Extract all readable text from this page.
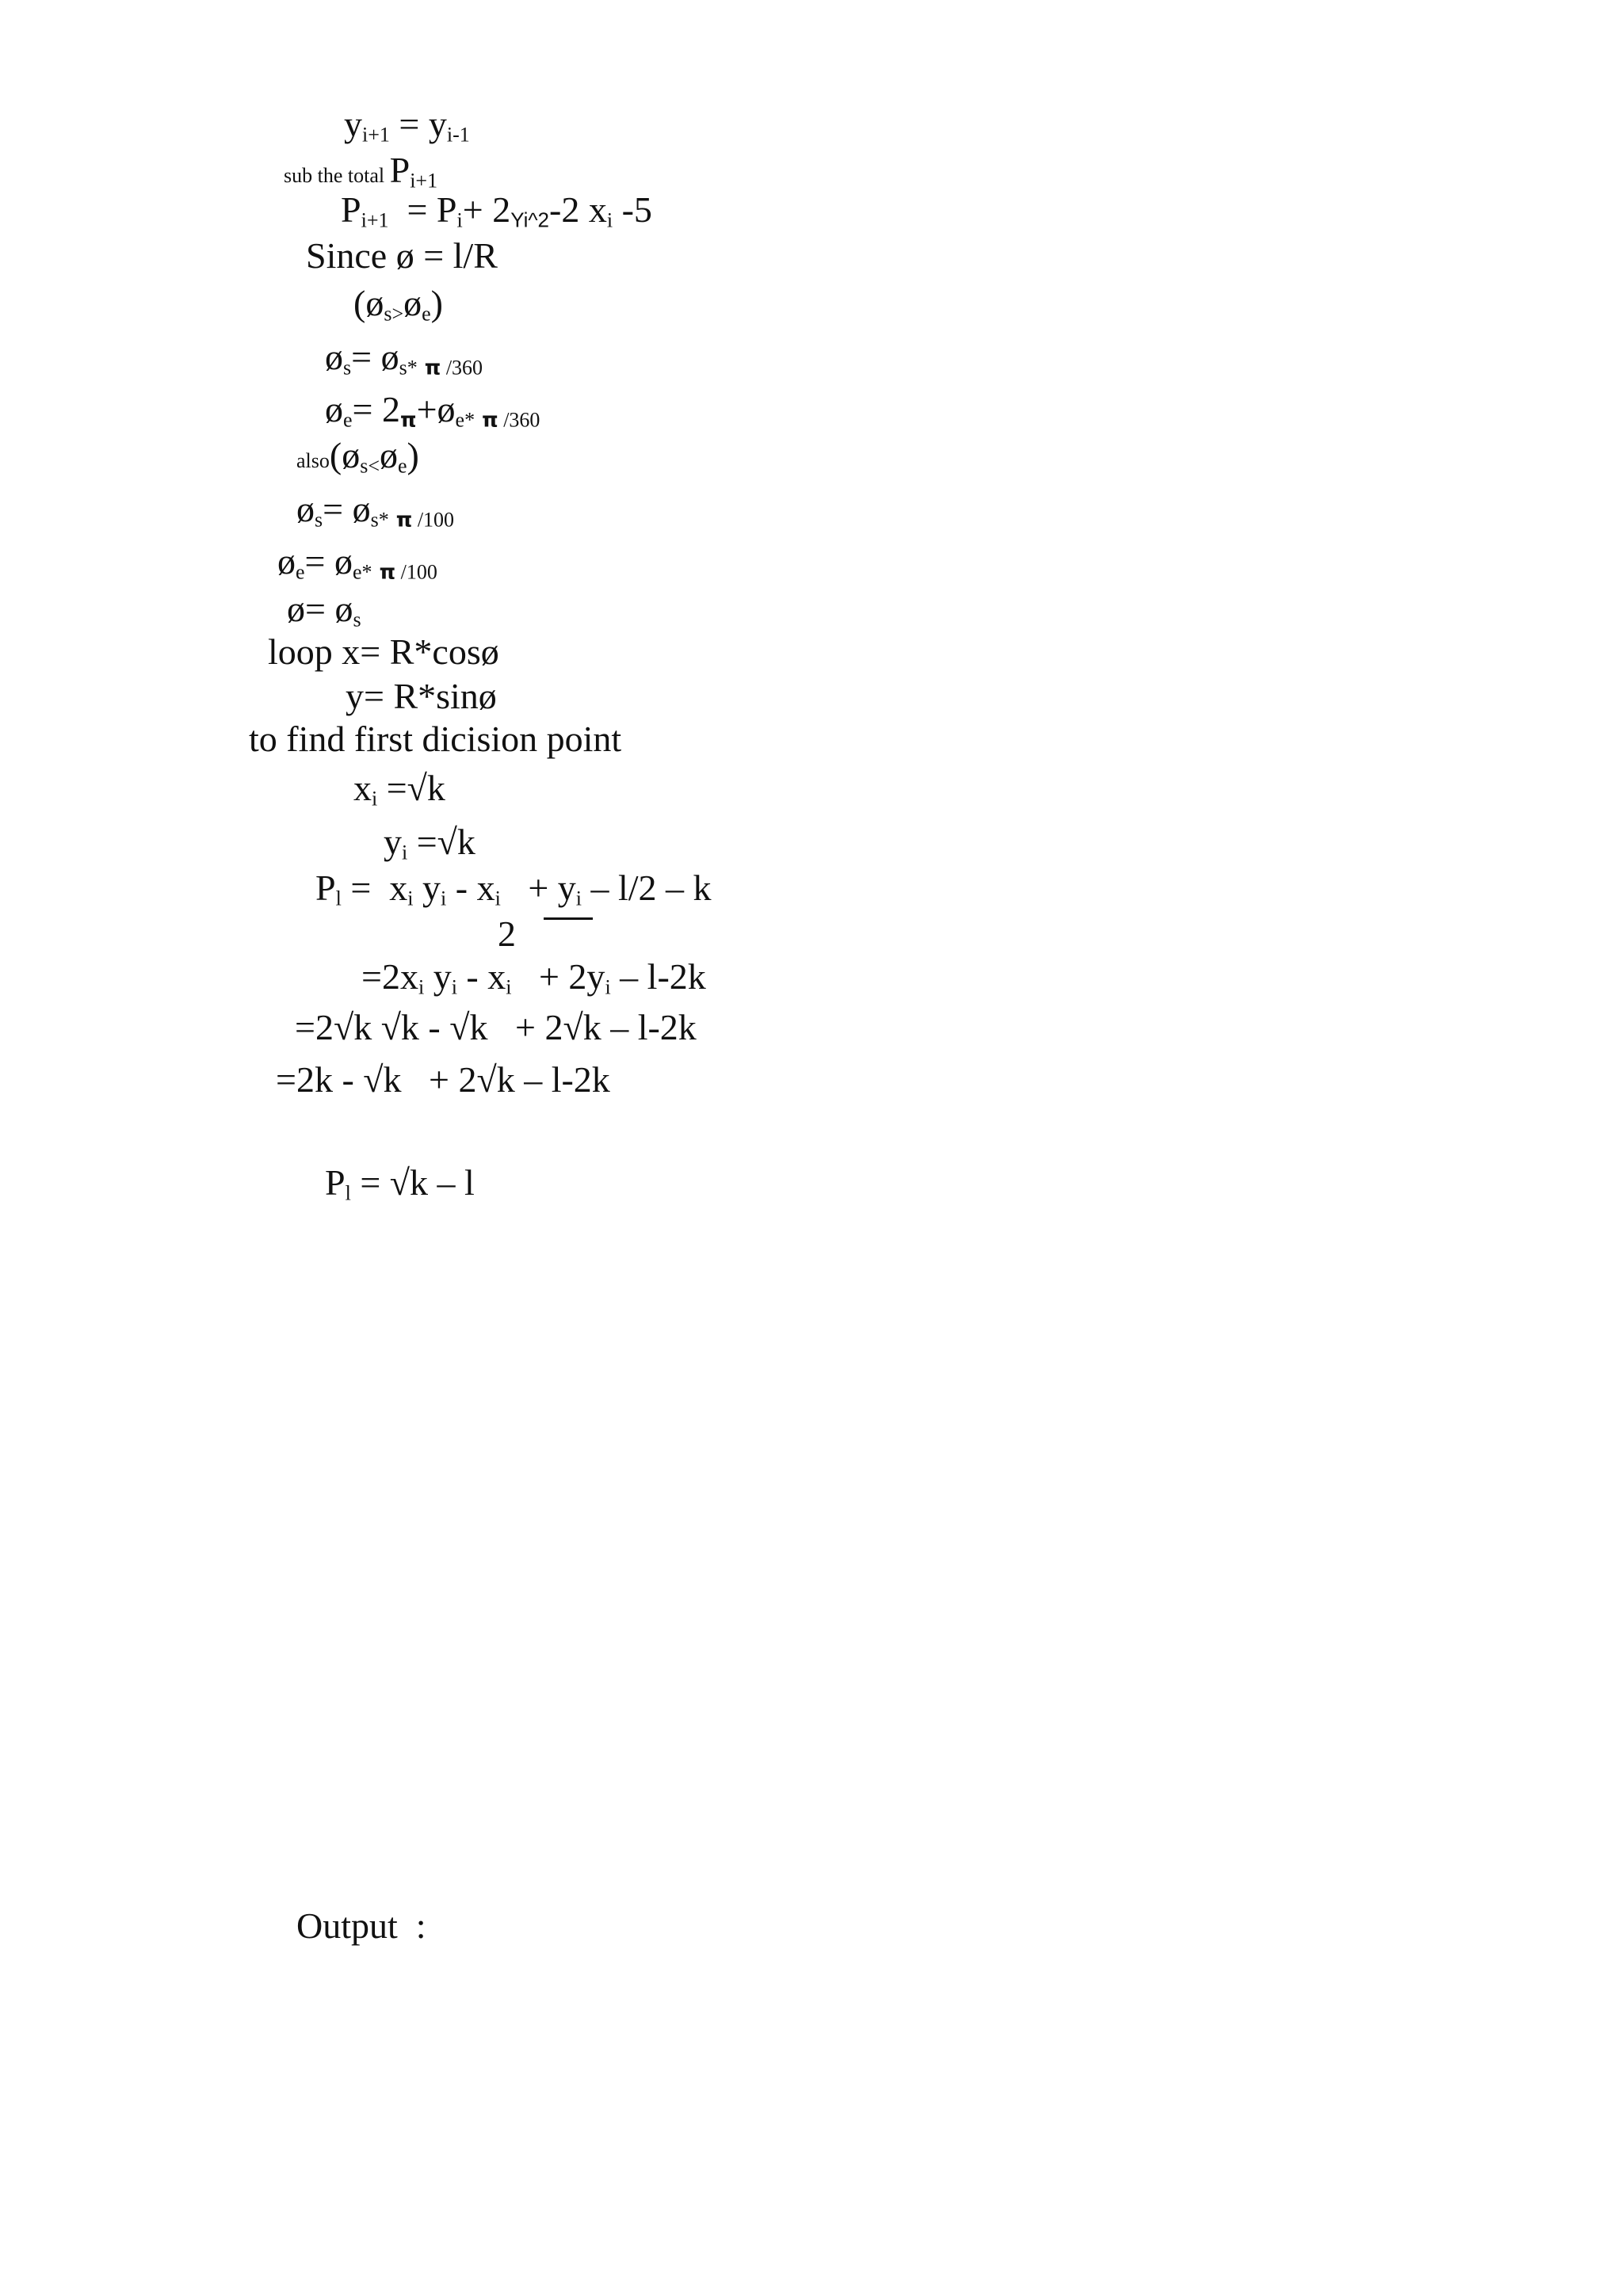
$y_{i+1} = y_{i-1}$
sub the total $P_{i+1}$
$P_{i+1} = P_i+ 2_{Yi\^{}2}-2$ $x_i$ -5
Since ø = l/R
$(ø_{s>}ø_e)$
$ø_s=$ $ø_{s*}$ $_\pi$ $_{/360}$
$ø_e=$ $2_\pi+ø_{e*}$ $_\pi$ $_{/360}$
$also(ø_{s<}ø_e)$
$ø_s=$ $ø_{s*}$ $_\pi$ $_{/100}$
$ø_e=$ $ø_{e*}$ $_\pi$ $_{/100}$
ø= $ø_s$
loop x= R*cosø
y= R*sinø
to find first dicision point
$x_i =√k$
$y_i =√k$
$P_l = x_i$ $y_i - x_i + y_i - l/2 - k$
2
$=2x_i$ $y_i - x_i + 2y_i - l-2k$
=2√k √k - √k   + 2√k – l-2k
=2k - √k   + 2√k – l-2k
$P_l = √k - l$
Output  :
